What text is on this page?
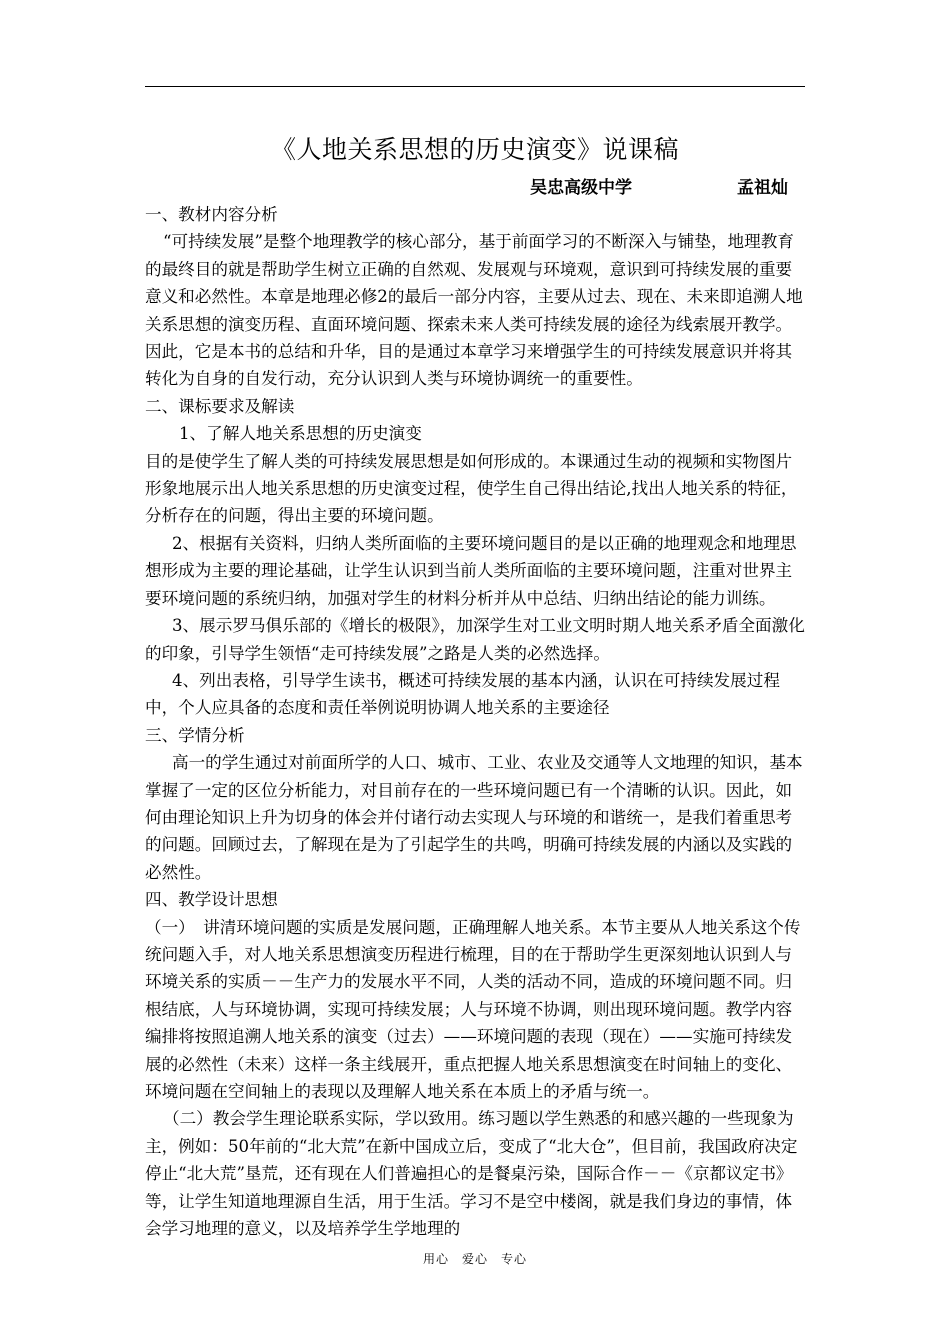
《人地关系思想的历史演变》说课稿
吴忠高级中学	孟祖灿

一、教材内容分析

“可持续发展”是整个地理教学的核心部分，基于前面学习的不断深入与铺垫，地理教育的最终目的就是帮助学生树立正确的自然观、发展观与环境观，意识到可持续发展的重要意义和必然性。本章是地理必修2的最后一部分内容，主要从过去、现在、未来即追溯人地关系思想的演变历程、直面环境问题、探索未来人类可持续发展的途径为线索展开教学。因此，它是本书的总结和升华，目的是通过本章学习来增强学生的可持续发展意识并将其转化为自身的自发行动，充分认识到人类与环境协调统一的重要性。

二、课标要求及解读

1、了解人地关系思想的历史演变

目的是使学生了解人类的可持续发展思想是如何形成的。本课通过生动的视频和实物图片形象地展示出人地关系思想的历史演变过程，使学生自己得出结论,找出人地关系的特征，分析存在的问题，得出主要的环境问题。

2、根据有关资料，归纳人类所面临的主要环境问题目的是以正确的地理观念和地理思想形成为主要的理论基础，让学生认识到当前人类所面临的主要环境问题，注重对世界主要环境问题的系统归纳，加强对学生的材料分析并从中总结、归纳出结论的能力训练。

3、展示罗马俱乐部的《增长的极限》，加深学生对工业文明时期人地关系矛盾全面激化的印象，引导学生领悟“走可持续发展”之路是人类的必然选择。

4、列出表格，引导学生读书，概述可持续发展的基本内涵，认识在可持续发展过程中，个人应具备的态度和责任举例说明协调人地关系的主要途径

三、学情分析

高一的学生通过对前面所学的人口、城市、工业、农业及交通等人文地理的知识，基本掌握了一定的区位分析能力，对目前存在的一些环境问题已有一个清晰的认识。因此，如何由理论知识上升为切身的体会并付诸行动去实现人与环境的和谐统一，是我们着重思考的问题。回顾过去，了解现在是为了引起学生的共鸣，明确可持续发展的内涵以及实践的必然性。

四、教学设计思想

（一）　讲清环境问题的实质是发展问题，正确理解人地关系。本节主要从人地关系这个传统问题入手，对人地关系思想演变历程进行梳理，目的在于帮助学生更深刻地认识到人与环境关系的实质－－生产力的发展水平不同，人类的活动不同，造成的环境问题不同。归根结底，人与环境协调，实现可持续发展；人与环境不协调，则出现环境问题。教学内容编排将按照追溯人地关系的演变（过去）——环境问题的表现（现在）——实施可持续发展的必然性（未来）这样一条主线展开，重点把握人地关系思想演变在时间轴上的变化、环境问题在空间轴上的表现以及理解人地关系在本质上的矛盾与统一。

（二）教会学生理论联系实际，学以致用。练习题以学生熟悉的和感兴趣的一些现象为主，例如：50年前的“北大荒”在新中国成立后，变成了“北大仓”，但目前，我国政府决定停止“北大荒”垦荒，还有现在人们普遍担心的是餐桌污染，国际合作－－《京都议定书》等，让学生知道地理源自生活，用于生活。学习不是空中楼阁，就是我们身边的事情，体会学习地理的意义，以及培养学生学地理的

用心　爱心　专心
